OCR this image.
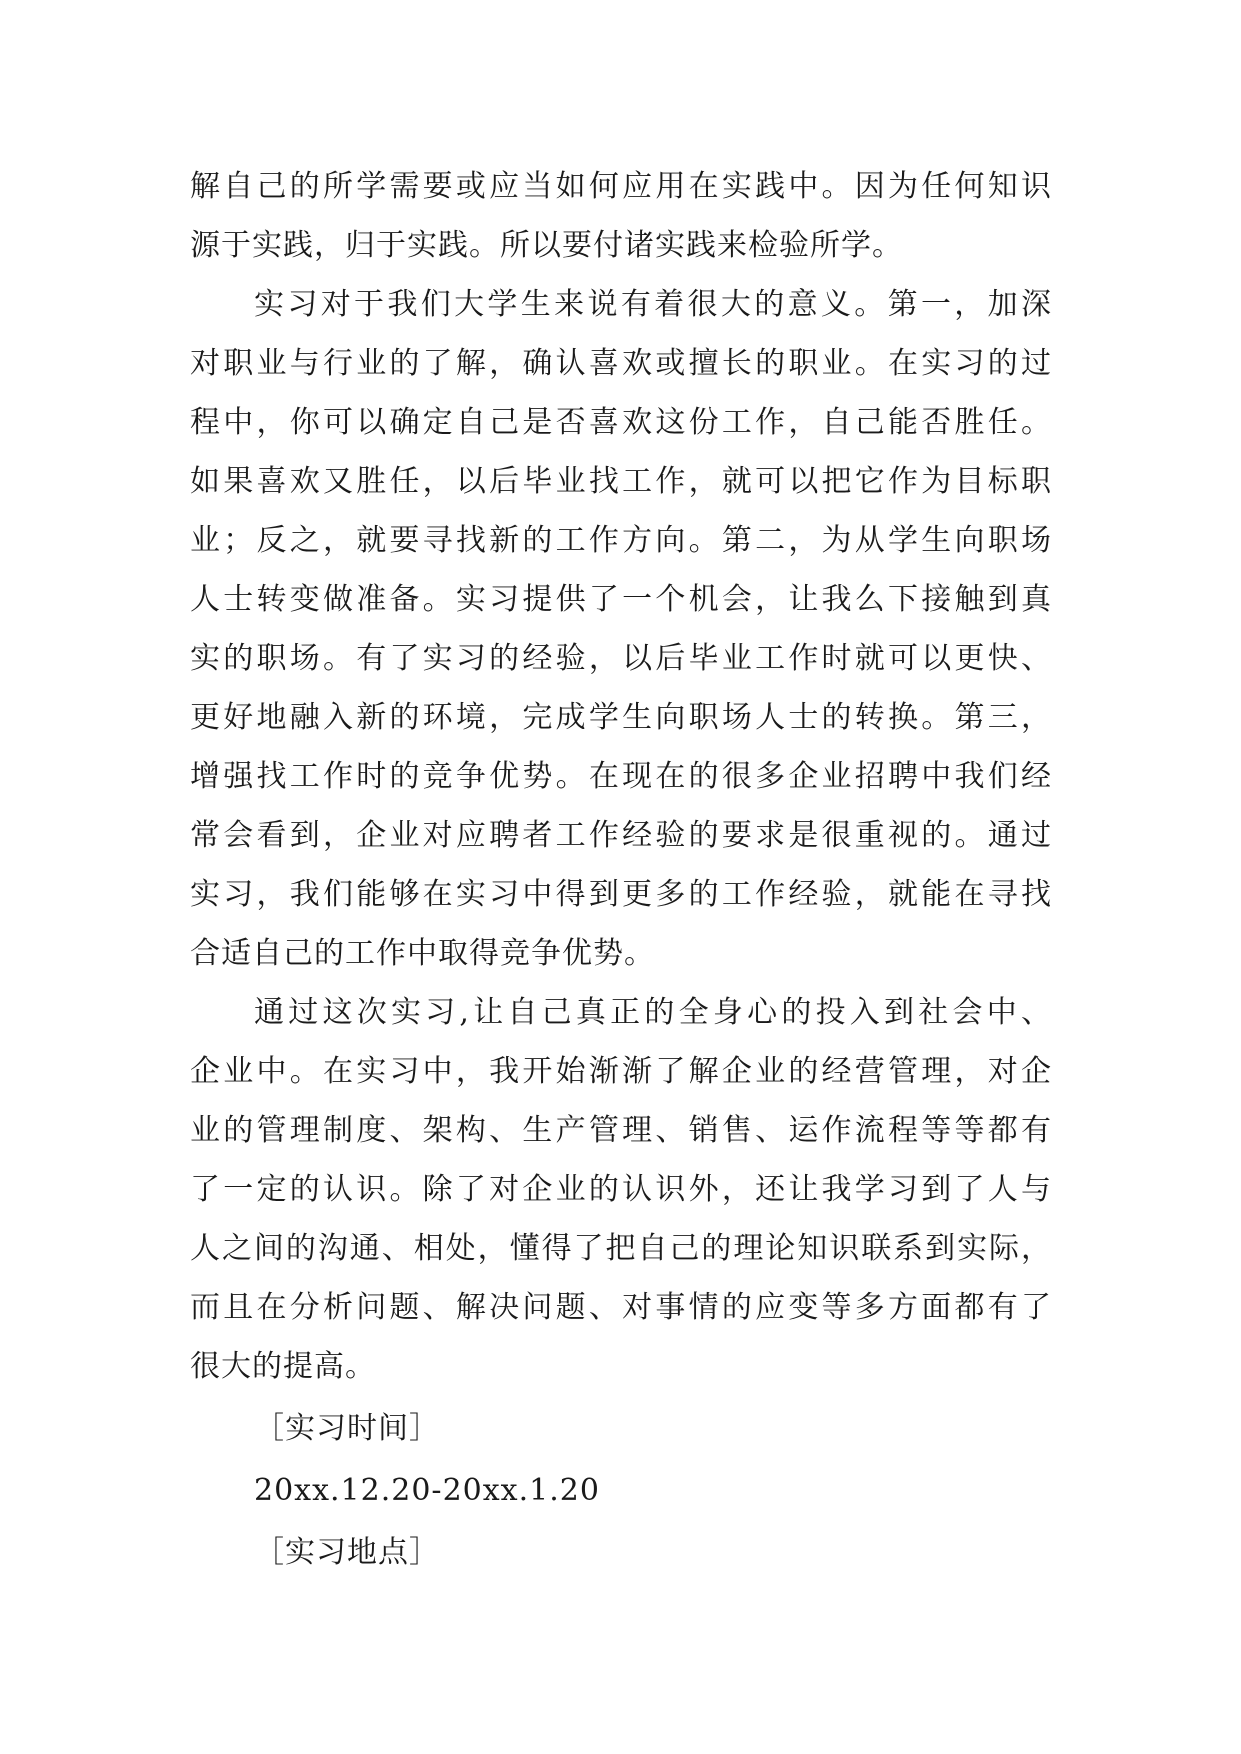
解自己的所学需要或应当如何应用在实践中。因为任何知识
源于实践，归于实践。所以要付诸实践来检验所学。
实习对于我们大学生来说有着很大的意义。第一，加深
对职业与行业的了解，确认喜欢或擅长的职业。在实习的过
程中，你可以确定自己是否喜欢这份工作，自己能否胜任。
如果喜欢又胜任，以后毕业找工作，就可以把它作为目标职
业；反之，就要寻找新的工作方向。第二，为从学生向职场
人士转变做准备。实习提供了一个机会，让我么下接触到真
实的职场。有了实习的经验，以后毕业工作时就可以更快、
更好地融入新的环境，完成学生向职场人士的转换。第三，
增强找工作时的竞争优势。在现在的很多企业招聘中我们经
常会看到，企业对应聘者工作经验的要求是很重视的。通过
实习，我们能够在实习中得到更多的工作经验，就能在寻找
合适自己的工作中取得竞争优势。
通过这次实习,让自己真正的全身心的投入到社会中、
企业中。在实习中，我开始渐渐了解企业的经营管理，对企
业的管理制度、架构、生产管理、销售、运作流程等等都有
了一定的认识。除了对企业的认识外，还让我学习到了人与
人之间的沟通、相处，懂得了把自己的理论知识联系到实际，
而且在分析问题、解决问题、对事情的应变等多方面都有了
很大的提高。
［实习时间］
20xx.12.20-20xx.1.20
［实习地点］
